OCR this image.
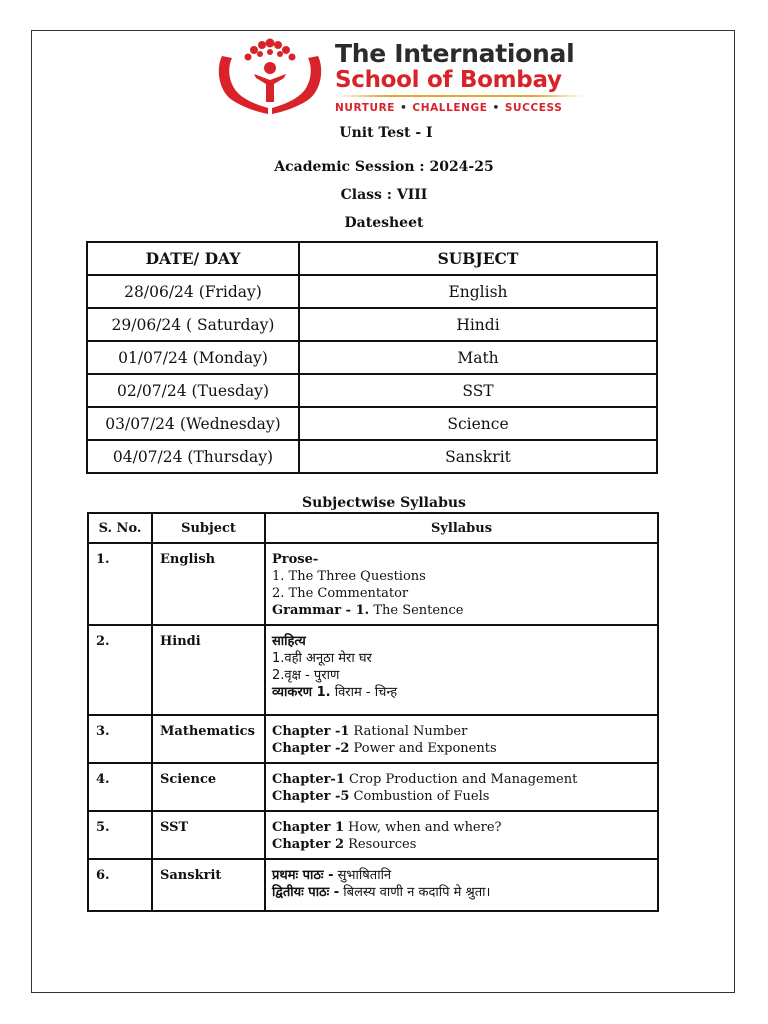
The International
School of Bombay
NURTURE • CHALLENGE • SUCCESS
Unit Test - I
Academic Session : 2024-25
Class : VIII
Datesheet
DATE/ DAY	SUBJECT
28/06/24 (Friday)	English
29/06/24 ( Saturday)	Hindi
01/07/24 (Monday)	Math
02/07/24 (Tuesday)	SST
03/07/24 (Wednesday)	Science
04/07/24 (Thursday)	Sanskrit
Subjectwise Syllabus
S. No.	Subject	Syllabus
1.	English	Prose-
1. The Three Questions
2. The Commentator
Grammar - 1. The Sentence

2.	Hindi	साहित्य
1.वही अनूठा मेरा घर
2.वृक्ष - पुराण
व्याकरण 1. विराम - चिन्ह

3.	Mathematics	Chapter -1 Rational Number
Chapter -2 Power and Exponents

4.	Science	Chapter-1 Crop Production and Management
Chapter -5 Combustion of Fuels

5.	SST	Chapter 1 How, when and where?
Chapter 2 Resources

6.	Sanskrit	प्रथमः पाठः - सुभाषितानि
द्वितीयः पाठः - बिलस्य वाणी न कदापि मे श्रुता।
